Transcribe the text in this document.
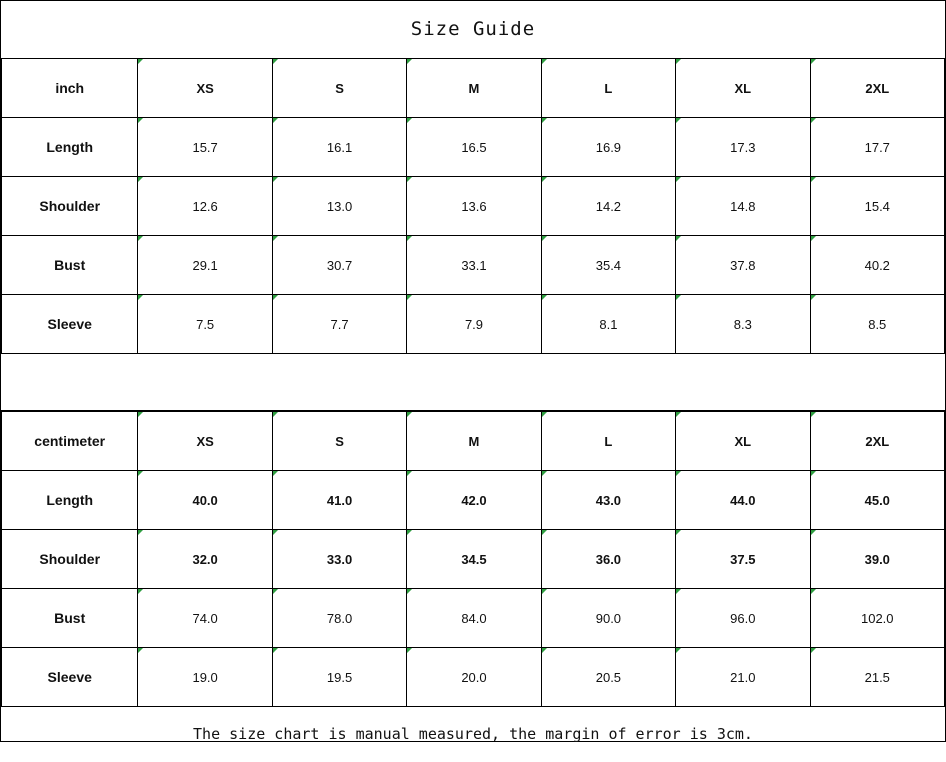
Size Guide
inch	XS	S	M	L	XL	2XL
Length	15.7	16.1	16.5	16.9	17.3	17.7
Shoulder	12.6	13.0	13.6	14.2	14.8	15.4
Bust	29.1	30.7	33.1	35.4	37.8	40.2
Sleeve	7.5	7.7	7.9	8.1	8.3	8.5
centimeter	XS	S	M	L	XL	2XL
Length	40.0	41.0	42.0	43.0	44.0	45.0
Shoulder	32.0	33.0	34.5	36.0	37.5	39.0
Bust	74.0	78.0	84.0	90.0	96.0	102.0
Sleeve	19.0	19.5	20.0	20.5	21.0	21.5
The size chart is manual measured, the margin of error is 3cm.
